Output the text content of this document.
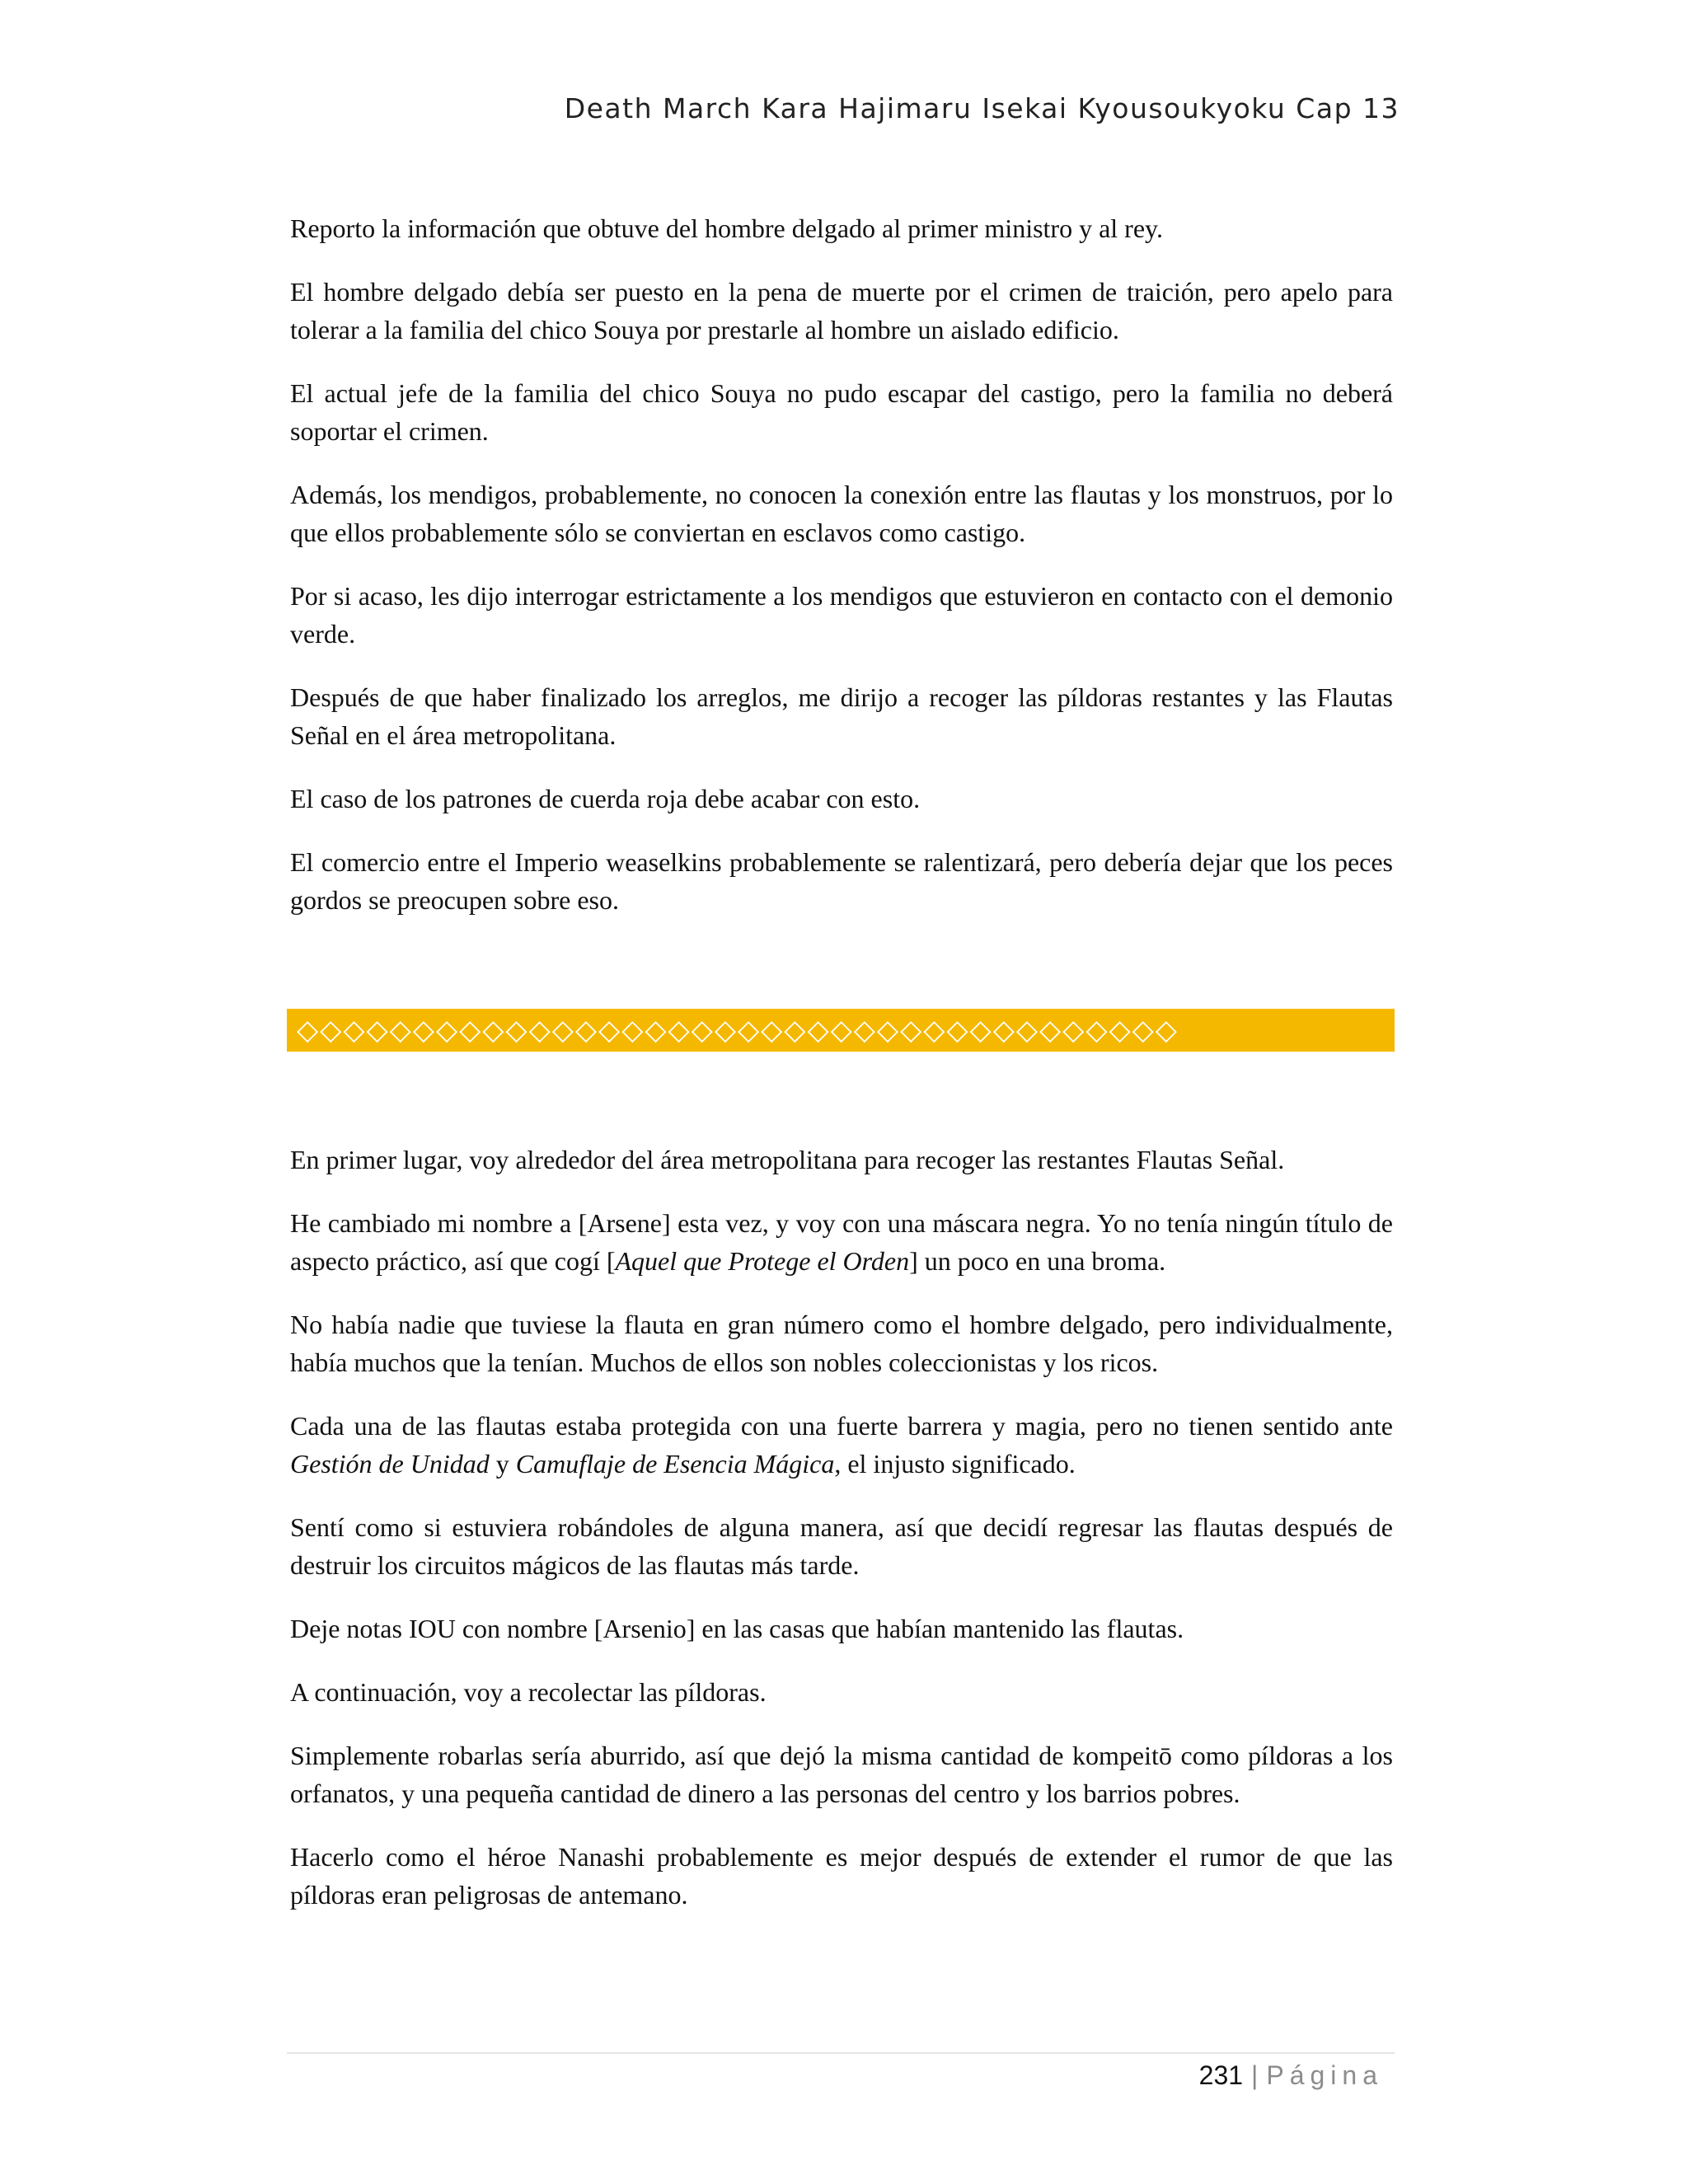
Death March Kara Hajimaru Isekai Kyousoukyoku Cap 13

Reporto la información que obtuve del hombre delgado al primer ministro y al rey.

El hombre delgado debía ser puesto en la pena de muerte por el crimen de traición, pero apelo para tolerar a la familia del chico Souya por prestarle al hombre un aislado edificio.

El actual jefe de la familia del chico Souya no pudo escapar del castigo, pero la familia no deberá soportar el crimen.

Además, los mendigos, probablemente, no conocen la conexión entre las flautas y los monstruos, por lo que ellos probablemente sólo se conviertan en esclavos como castigo.

Por si acaso, les dijo interrogar estrictamente a los mendigos que estuvieron en contacto con el demonio verde.

Después de que haber finalizado los arreglos, me dirijo a recoger las píldoras restantes y las Flautas Señal en el área metropolitana.

El caso de los patrones de cuerda roja debe acabar con esto.

El comercio entre el Imperio weaselkins probablemente se ralentizará, pero debería dejar que los peces gordos se preocupen sobre eso.

◇ ◇ ◇ ◇ ◇ ◇ ◇ ◇ ◇ ◇ ◇ ◇ ◇ ◇ ◇ ◇ ◇ ◇ ◇ ◇ ◇ ◇ ◇ ◇ ◇ ◇ ◇ ◇ ◇ ◇ ◇ ◇ ◇ ◇ ◇ ◇ ◇ ◇

En primer lugar, voy alrededor del área metropolitana para recoger las restantes Flautas Señal.

He cambiado mi nombre a [Arsene] esta vez, y voy con una máscara negra. Yo no tenía ningún título de aspecto práctico, así que cogí [Aquel que Protege el Orden] un poco en una broma.

No había nadie que tuviese la flauta en gran número como el hombre delgado, pero individualmente, había muchos que la tenían. Muchos de ellos son nobles coleccionistas y los ricos.

Cada una de las flautas estaba protegida con una fuerte barrera y magia, pero no tienen sentido ante Gestión de Unidad y Camuflaje de Esencia Mágica, el injusto significado.

Sentí como si estuviera robándoles de alguna manera, así que decidí regresar las flautas después de destruir los circuitos mágicos de las flautas más tarde.

Deje notas IOU con nombre [Arsenio] en las casas que habían mantenido las flautas.

A continuación, voy a recolectar las píldoras.

Simplemente robarlas sería aburrido, así que dejó la misma cantidad de kompeitō como píldoras a los orfanatos, y una pequeña cantidad de dinero a las personas del centro y los barrios pobres.

Hacerlo como el héroe Nanashi probablemente es mejor después de extender el rumor de que las píldoras eran peligrosas de antemano.

231 | Página
